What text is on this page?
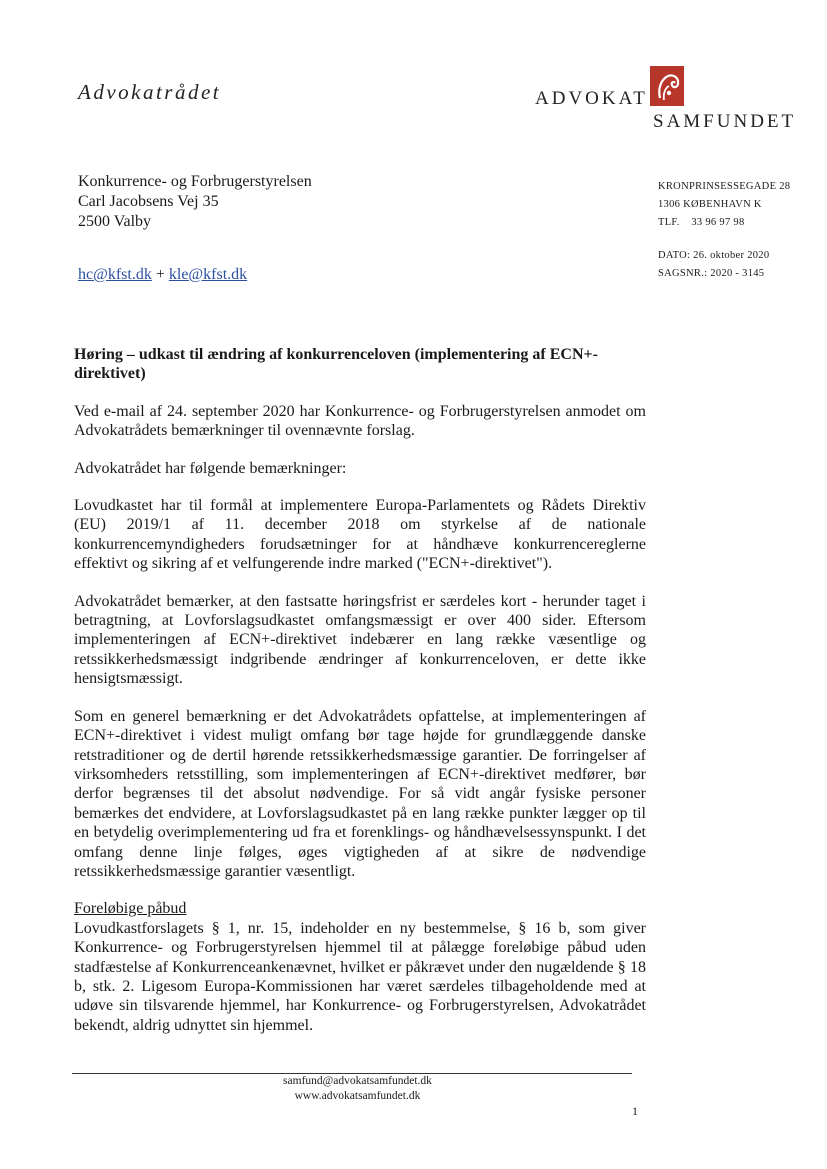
Advokatrådet	ADVOKAT
SAMFUNDET
Konkurrence- og Forbrugerstyrelsen
Carl Jacobsens Vej 35
2500 Valby
hc@kfst.dk + kle@kfst.dk
KRONPRINSESSEGADE 28
1306 KØBENHAVN K
TLF.    33 96 97 98
DATO: 26. oktober 2020
SAGSNR.: 2020 - 3145
Høring – udkast til ændring af konkurrenceloven (implementering af ECN+-direktivet)

Ved e-mail af 24. september 2020 har Konkurrence- og Forbrugerstyrelsen anmodet om Advokatrådets bemærkninger til ovennævnte forslag.

Advokatrådet har følgende bemærkninger:

Lovudkastet har til formål at implementere Europa-Parlamentets og Rådets Direktiv (EU) 2019/1 af 11. december 2018 om styrkelse af de nationale konkurrencemyndigheders forudsætninger for at håndhæve konkurrencereglerne effektivt og sikring af et velfungerende indre marked ("ECN+-direktivet").

Advokatrådet bemærker, at den fastsatte høringsfrist er særdeles kort - herunder taget i betragtning, at Lovforslagsudkastet omfangsmæssigt er over 400 sider. Eftersom implementeringen af ECN+-direktivet indebærer en lang række væsentlige og retssikkerhedsmæssigt indgribende ændringer af konkurrenceloven, er dette ikke hensigtsmæssigt.

Som en generel bemærkning er det Advokatrådets opfattelse, at implementeringen af ECN+-direktivet i videst muligt omfang bør tage højde for grundlæggende danske retstraditioner og de dertil hørende retssikkerhedsmæssige garantier. De forringelser af virksomheders retsstilling, som implementeringen af ECN+-direktivet medfører, bør derfor begrænses til det absolut nødvendige. For så vidt angår fysiske personer bemærkes det endvidere, at Lovforslagsudkastet på en lang række punkter lægger op til en betydelig overimplementering ud fra et forenklings- og håndhævelsessynspunkt. I det omfang denne linje følges, øges vigtigheden af at sikre de nødvendige retssikkerhedsmæssige garantier væsentligt.

Foreløbige påbud

Lovudkastforslagets § 1, nr. 15, indeholder en ny bestemmelse, § 16 b, som giver Konkurrence- og Forbrugerstyrelsen hjemmel til at pålægge foreløbige påbud uden stadfæstelse af Konkurrenceankenævnet, hvilket er påkrævet under den nugældende § 18 b, stk. 2. Ligesom Europa-Kommissionen har været særdeles tilbageholdende med at udøve sin tilsvarende hjemmel, har Konkurrence- og Forbrugerstyrelsen, Advokatrådet bekendt, aldrig udnyttet sin hjemmel.

samfund@advokatsamfundet.dk
www.advokatsamfundet.dk
1
